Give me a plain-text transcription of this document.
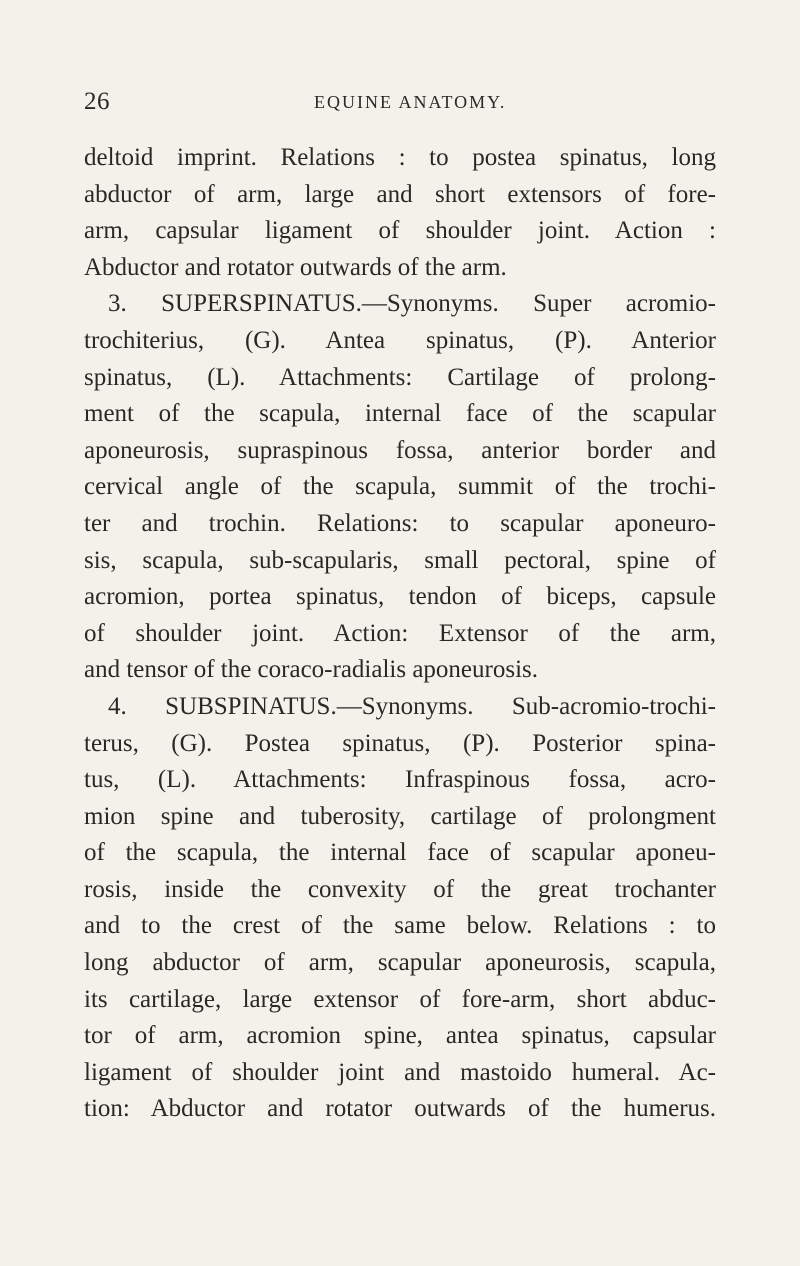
26	EQUINE ANATOMY.
deltoid imprint. Relations : to postea spinatus, long
abductor of arm, large and short extensors of fore-
arm, capsular ligament of shoulder joint. Action :
Abductor and rotator outwards of the arm.
3. SUPERSPINATUS.—Synonyms. Super acromio-
trochiterius, (G). Antea spinatus, (P). Anterior
spinatus, (L). Attachments: Cartilage of prolong-
ment of the scapula, internal face of the scapular
aponeurosis, supraspinous fossa, anterior border and
cervical angle of the scapula, summit of the trochi-
ter and trochin. Relations: to scapular aponeuro-
sis, scapula, sub-scapularis, small pectoral, spine of
acromion, portea spinatus, tendon of biceps, capsule
of shoulder joint. Action: Extensor of the arm,
and tensor of the coraco-radialis aponeurosis.
4. SUBSPINATUS.—Synonyms. Sub-acromio-trochi-
terus, (G). Postea spinatus, (P). Posterior spina-
tus, (L). Attachments: Infraspinous fossa, acro-
mion spine and tuberosity, cartilage of prolongment
of the scapula, the internal face of scapular aponeu-
rosis, inside the convexity of the great trochanter
and to the crest of the same below. Relations : to
long abductor of arm, scapular aponeurosis, scapula,
its cartilage, large extensor of fore-arm, short abduc-
tor of arm, acromion spine, antea spinatus, capsular
ligament of shoulder joint and mastoido humeral. Ac-
tion: Abductor and rotator outwards of the humerus.
